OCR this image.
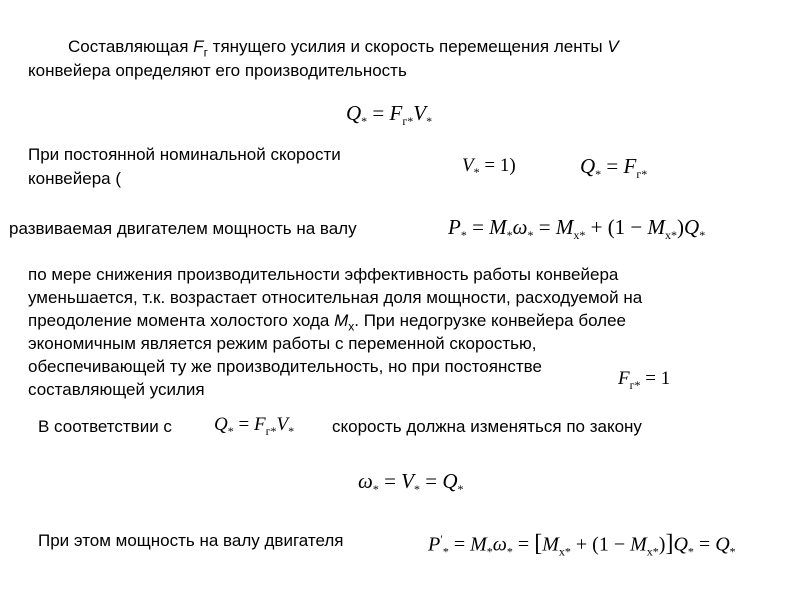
Составляющая $F_г$ тянущего усилия и скорость перемещения ленты V
конвейера определяют его производительность
$Q_* = F_{г*}V_*$
При постоянной номинальной скорости
конвейера (
$V_* = 1$)	$Q_* = F_{г*}$
развиваемая двигателем мощность на валу	$P_* = M_*\omega_* = M_{x*} + (1 - M_{x*})Q_*$
по мере снижения производительности эффективность работы конвейера
уменьшается, т.к. возрастает относительная доля мощности, расходуемой на
преодоление момента холостого хода $M_х$. При недогрузке конвейера более
экономичным является режим работы с переменной скоростью,
обеспечивающей ту же производительность, но при постоянстве
составляющей усилия
$F_{г*} = 1$
В соответствии с $Q_* = F_{г*}V_*$ скорость должна изменяться по закону
$\omega_* = V_* = Q_*$
При этом мощность на валу двигателя	$P'_* = M_*\omega_* = [M_{x*} + (1 - M_{x*})]Q_* = Q_*$
